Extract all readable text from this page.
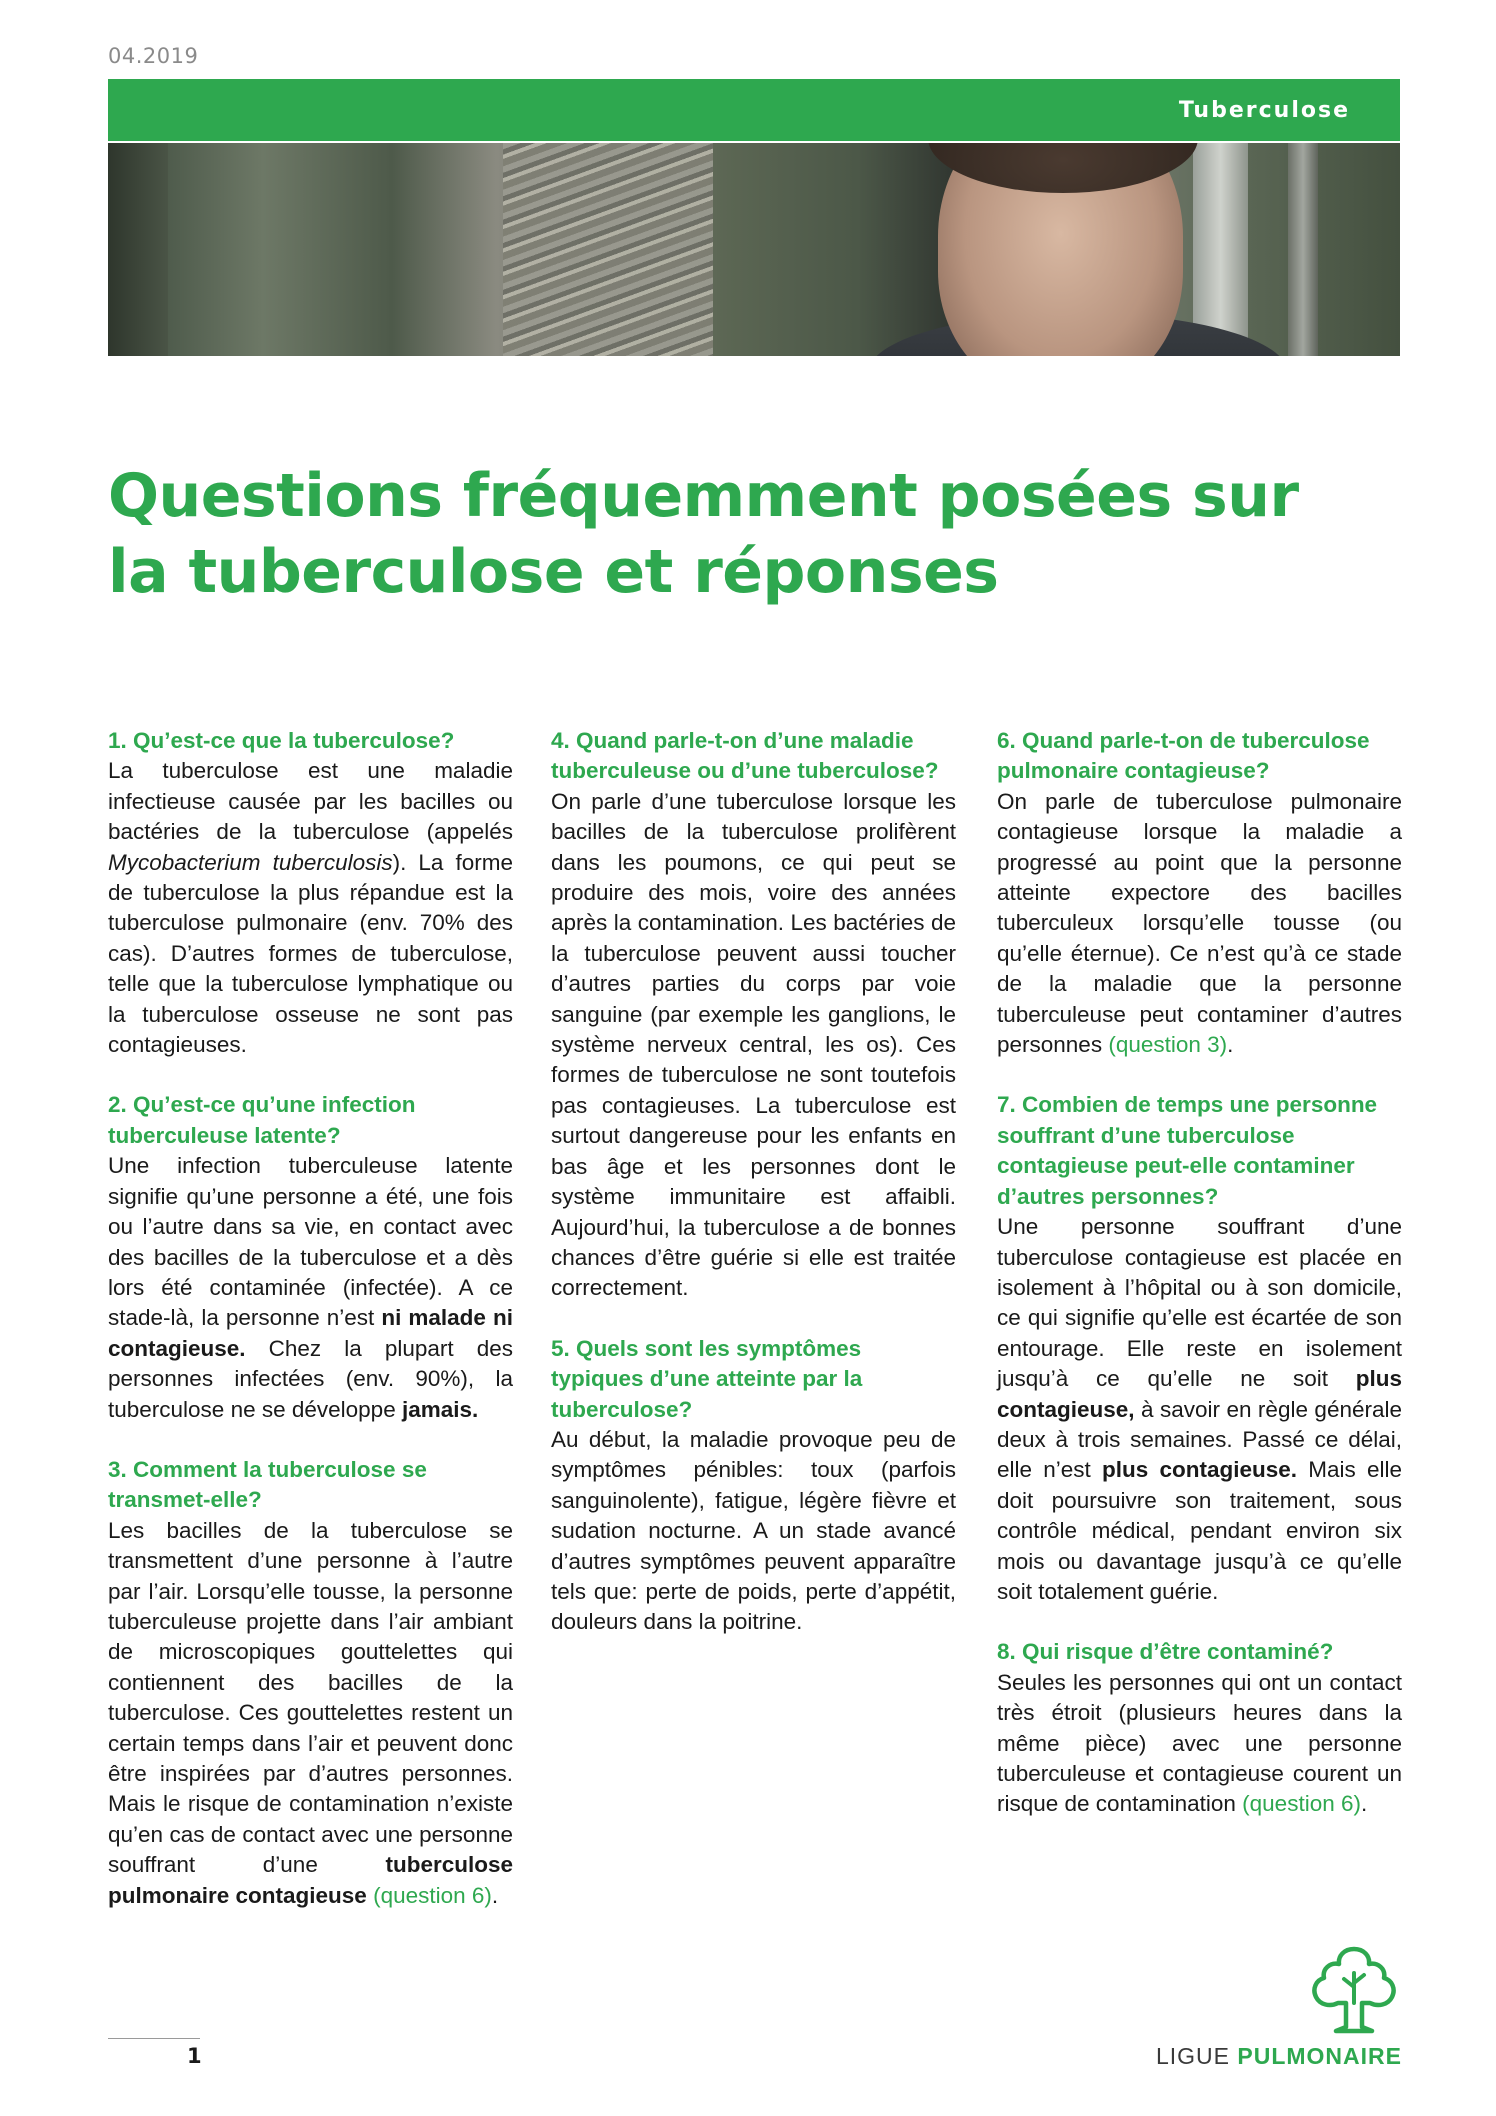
04.2019
Tuberculose
Questions fréquemment posées sur
la tuberculose et réponses
1. Qu’est-ce que la tuberculose?

La tuberculose est une maladie infectieuse causée par les bacilles ou bactéries de la tuberculose (appelés Mycobacterium tuberculosis). La forme de tuberculose la plus répandue est la tuberculose pulmonaire (env. 70% des cas). D’autres formes de tuberculose, telle que la tuberculose lymphatique ou la tuberculose osseuse ne sont pas contagieuses.

2. Qu’est-ce qu’une infection tuberculeuse latente?

Une infection tuberculeuse latente signifie qu’une personne a été, une fois ou l’autre dans sa vie, en contact avec des bacilles de la tuberculose et a dès lors été contaminée (infectée). A ce stade-là, la personne n’est ni malade ni contagieuse. Chez la plupart des personnes infectées (env. 90%), la tuberculose ne se développe jamais.

3. Comment la tuberculose se transmet-elle?

Les bacilles de la tuberculose se transmettent d’une personne à l’autre par l’air. Lorsqu’elle tousse, la personne tuberculeuse projette dans l’air ambiant de microscopiques gouttelettes qui contiennent des bacilles de la tuberculose. Ces gouttelettes restent un certain temps dans l’air et peuvent donc être inspirées par d’autres personnes. Mais le risque de contamination n’existe qu’en cas de contact avec une personne souffrant d’une tuberculose pulmonaire contagieuse (question 6).

4. Quand parle-t-on d’une maladie tuberculeuse ou d’une tuberculose?

On parle d’une tuberculose lorsque les bacilles de la tuberculose prolifèrent dans les poumons, ce qui peut se produire des mois, voire des années après la contamination. Les bactéries de la tuberculose peuvent aussi toucher d’autres parties du corps par voie sanguine (par exemple les ganglions, le système nerveux central, les os). Ces formes de tuberculose ne sont toutefois pas contagieuses. La tuberculose est surtout dangereuse pour les enfants en bas âge et les personnes dont le système immunitaire est affaibli. Aujourd’hui, la tuberculose a de bonnes chances d’être guérie si elle est traitée correctement.

5. Quels sont les symptômes typiques d’une atteinte par la tuberculose?

Au début, la maladie provoque peu de symptômes pénibles: toux (parfois sanguinolente), fatigue, légère fièvre et sudation nocturne. A un stade avancé d’autres symptômes peuvent apparaître tels que: perte de poids, perte d’appétit, douleurs dans la poitrine.

6. Quand parle-t-on de tuberculose pulmonaire contagieuse?

On parle de tuberculose pulmonaire contagieuse lorsque la maladie a progressé au point que la personne atteinte expectore des bacilles tuberculeux lorsqu’elle tousse (ou qu’elle éternue). Ce n’est qu’à ce stade de la maladie que la personne tuberculeuse peut contaminer d’autres personnes (question 3).

7. Combien de temps une personne souffrant d’une tuberculose contagieuse peut-elle contaminer d’autres personnes?

Une personne souffrant d’une tuberculose contagieuse est placée en isolement à l’hôpital ou à son domicile, ce qui signifie qu’elle est écartée de son entourage. Elle reste en isolement jusqu’à ce qu’elle ne soit plus contagieuse, à savoir en règle générale deux à trois semaines. Passé ce délai, elle n’est plus contagieuse. Mais elle doit poursuivre son traitement, sous contrôle médical, pendant environ six mois ou davantage jusqu’à ce qu’elle soit totalement guérie.

8. Qui risque d’être contaminé?

Seules les personnes qui ont un contact très étroit (plusieurs heures dans la même pièce) avec une personne tuberculeuse et contagieuse courent un risque de contamination (question 6).

1	LIGUE PULMONAIRE
